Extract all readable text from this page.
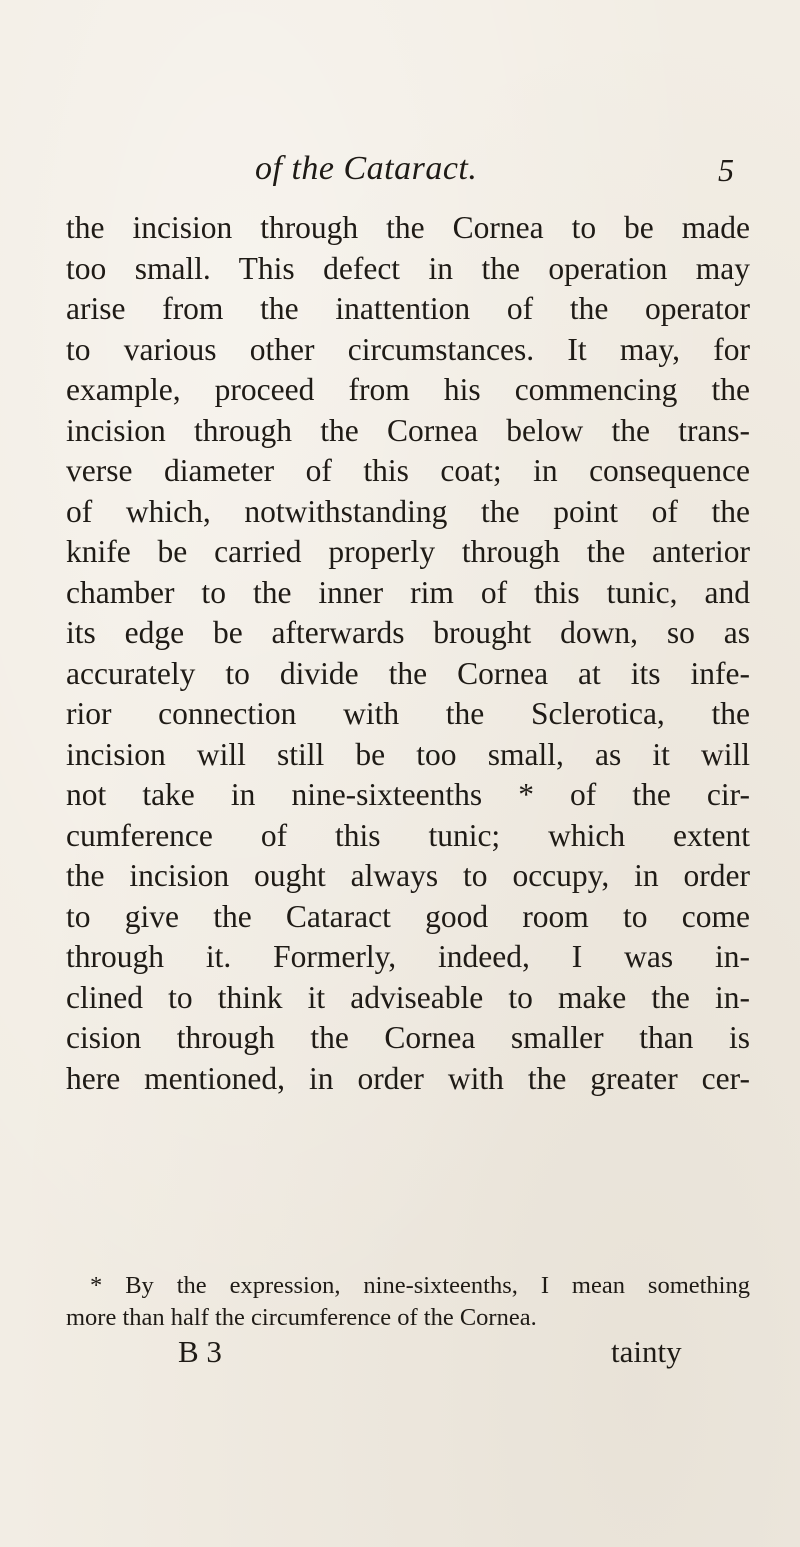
of the Cataract.	5
the incision through the Cornea to be made
too small. This defect in the operation may
arise from the inattention of the operator
to various other circumstances. It may, for
example, proceed from his commencing the
incision through the Cornea below the trans-
verse diameter of this coat; in consequence
of which, notwithstanding the point of the
knife be carried properly through the anterior
chamber to the inner rim of this tunic, and
its edge be afterwards brought down, so as
accurately to divide the Cornea at its infe-
rior connection with the Sclerotica, the
incision will still be too small, as it will
not take in nine-sixteenths * of the cir-
cumference of this tunic; which extent
the incision ought always to occupy, in order
to give the Cataract good room to come
through it. Formerly, indeed, I was in-
clined to think it adviseable to make the in-
cision through the Cornea smaller than is
here mentioned, in order with the greater cer-
* By the expression, nine-sixteenths, I mean something
more than half the circumference of the Cornea.
B 3	tainty
